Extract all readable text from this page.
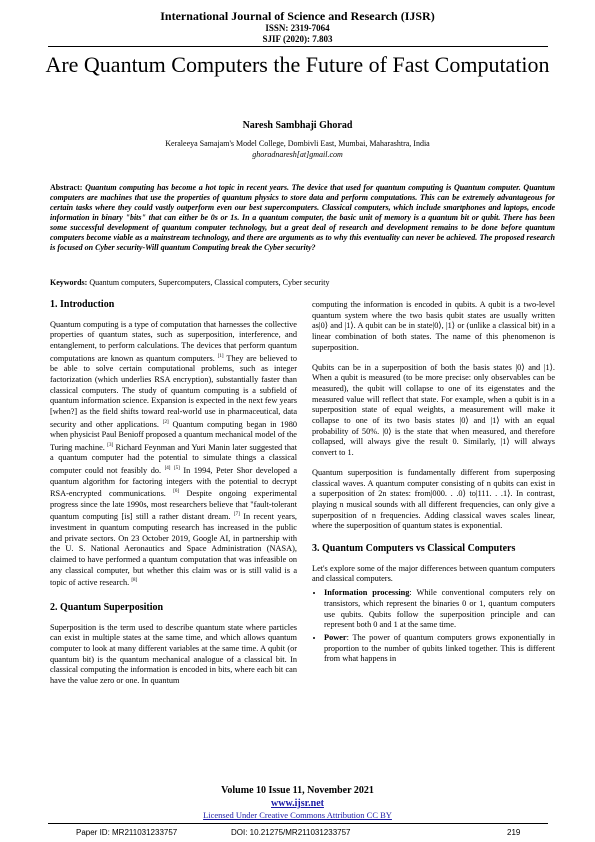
International Journal of Science and Research (IJSR)
ISSN: 2319-7064
SJIF (2020): 7.803
Are Quantum Computers the Future of Fast Computation
Naresh Sambhaji Ghorad
Keraleeya Samajam's Model College, Dombivli East, Mumbai, Maharashtra, India
ghoradnaresh[at]gmail.com
Abstract: Quantum computing has become a hot topic in recent years. The device that used for quantum computing is Quantum computer. Quantum computers are machines that use the properties of quantum physics to store data and perform computations. This can be extremely advantageous for certain tasks where they could vastly outperform even our best supercomputers. Classical computers, which include smartphones and laptops, encode information in binary "bits" that can either be 0s or 1s. In a quantum computer, the basic unit of memory is a quantum bit or qubit. There has been some successful development of quantum computer technology, but a great deal of research and development remains to be done before quantum computers become viable as a mainstream technology, and there are arguments as to why this eventuality can never be achieved. The proposed research is focused on Cyber security-Will quantum Computing break the Cyber security?
Keywords: Quantum computers, Supercomputers, Classical computers, Cyber security
1. Introduction

Quantum computing is a type of computation that harnesses the collective properties of quantum states, such as superposition, interference, and entanglement, to perform calculations. The devices that perform quantum computations are known as quantum computers. [1] They are believed to be able to solve certain computational problems, such as integer factorization (which underlies RSA encryption), substantially faster than classical computers. The study of quantum computing is a subfield of quantum information science. Expansion is expected in the next few years [when?] as the field shifts toward real-world use in pharmaceutical, data security and other applications. [2] Quantum computing began in 1980 when physicist Paul Benioff proposed a quantum mechanical model of the Turing machine. [3] Richard Feynman and Yuri Manin later suggested that a quantum computer had the potential to simulate things a classical computer could not feasibly do. [4] [5] In 1994, Peter Shor developed a quantum algorithm for factoring integers with the potential to decrypt RSA-encrypted communications. [6] Despite ongoing experimental progress since the late 1990s, most researchers believe that "fault-tolerant quantum computing [is] still a rather distant dream. [7] In recent years, investment in quantum computing research has increased in the public and private sectors. On 23 October 2019, Google AI, in partnership with the U. S. National Aeronautics and Space Administration (NASA), claimed to have performed a quantum computation that was infeasible on any classical computer, but whether this claim was or is still valid is a topic of active research. [8]

2. Quantum Superposition

Superposition is the term used to describe quantum state where particles can exist in multiple states at the same time, and which allows quantum computer to look at many different variables at the same time. A qubit (or quantum bit) is the quantum mechanical analogue of a classical bit. In classical computing the information is encoded in bits, where each bit can have the value zero or one. In quantum

computing the information is encoded in qubits. A qubit is a two-level quantum system where the two basis qubit states are usually written as|0⟩ and |1⟩. A qubit can be in state|0⟩, |1⟩ or (unlike a classical bit) in a linear combination of both states. The name of this phenomenon is superposition.

Qubits can be in a superposition of both the basis states |0⟩ and |1⟩. When a qubit is measured (to be more precise: only observables can be measured), the qubit will collapse to one of its eigenstates and the measured value will reflect that state. For example, when a qubit is in a superposition state of equal weights, a measurement will make it collapse to one of its two basis states |0⟩ and |1⟩ with an equal probability of 50%. |0⟩ is the state that when measured, and therefore collapsed, will always give the result 0. Similarly, |1⟩ will always convert to 1.

Quantum superposition is fundamentally different from superposing classical waves. A quantum computer consisting of n qubits can exist in a superposition of 2n states: from|000. . .0⟩ to|111. . .1⟩. In contrast, playing n musical sounds with all different frequencies, can only give a superposition of n frequencies. Adding classical waves scales linear, where the superposition of quantum states is exponential.

3. Quantum Computers vs Classical Computers

Let's explore some of the major differences between quantum computers and classical computers.

• Information processing: While conventional computers rely on transistors, which represent the binaries 0 or 1, quantum computers use qubits. Qubits follow the superposition principle and can represent both 0 and 1 at the same time.
• Power: The power of quantum computers grows exponentially in proportion to the number of qubits linked together. This is different from what happens in
Volume 10 Issue 11, November 2021
www.ijsr.net
Licensed Under Creative Commons Attribution CC BY
Paper ID: MR211031233757	DOI: 10.21275/MR211031233757	219
